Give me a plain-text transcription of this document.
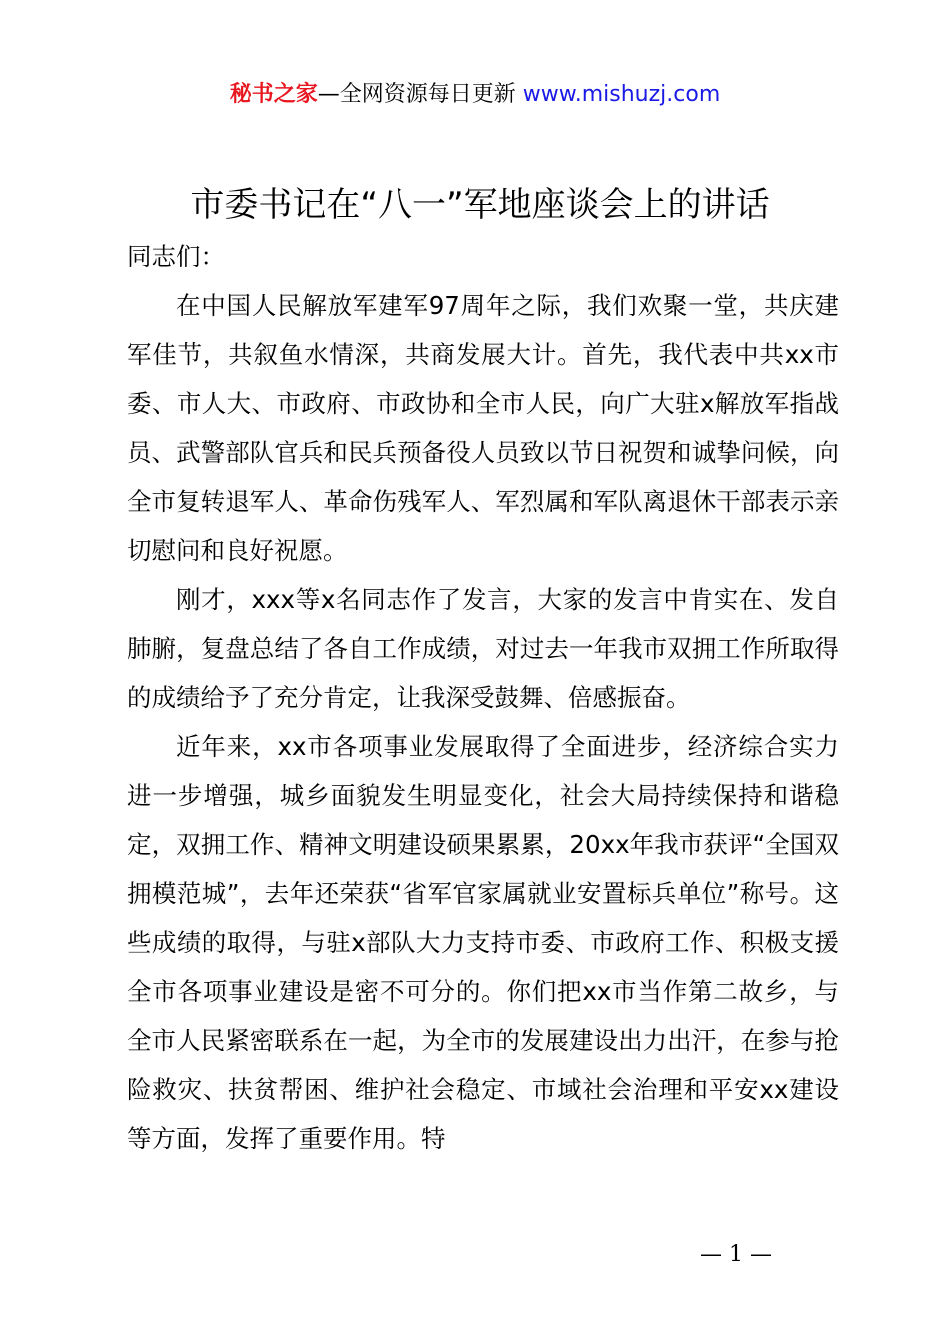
秘书之家—全网资源每日更新 www.mishuzj.com
市委书记在“八一”军地座谈会上的讲话

同志们：

在中国人民解放军建军97周年之际，我们欢聚一堂，共庆建军佳节，共叙鱼水情深，共商发展大计。首先，我代表中共xx市委、市人大、市政府、市政协和全市人民，向广大驻x解放军指战员、武警部队官兵和民兵预备役人员致以节日祝贺和诚挚问候，向全市复转退军人、革命伤残军人、军烈属和军队离退休干部表示亲切慰问和良好祝愿。

刚才，xxx等x名同志作了发言，大家的发言中肯实在、发自肺腑，复盘总结了各自工作成绩，对过去一年我市双拥工作所取得的成绩给予了充分肯定，让我深受鼓舞、倍感振奋。

近年来，xx市各项事业发展取得了全面进步，经济综合实力进一步增强，城乡面貌发生明显变化，社会大局持续保持和谐稳定，双拥工作、精神文明建设硕果累累，20xx年我市获评“全国双拥模范城”，去年还荣获“省军官家属就业安置标兵单位”称号。这些成绩的取得，与驻x部队大力支持市委、市政府工作、积极支援全市各项事业建设是密不可分的。你们把xx市当作第二故乡，与全市人民紧密联系在一起，为全市的发展建设出力出汗，在参与抢险救灾、扶贫帮困、维护社会稳定、市域社会治理和平安xx建设等方面，发挥了重要作用。特

— 1 —
